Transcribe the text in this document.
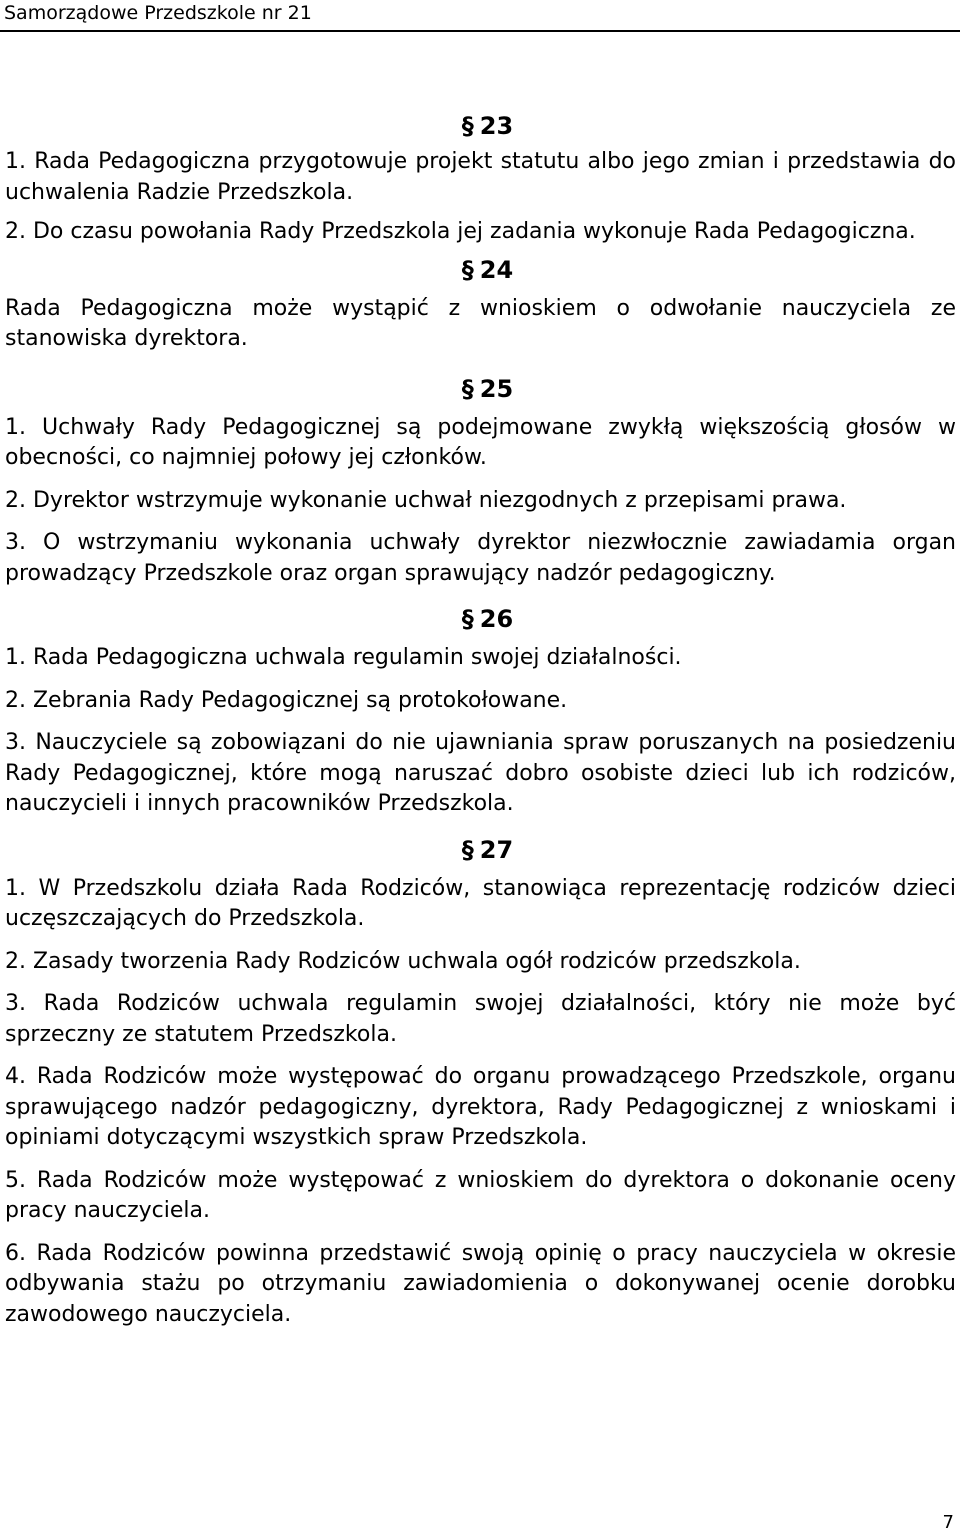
Samorządowe Przedszkole nr 21
§ 23

1. Rada Pedagogiczna przygotowuje projekt statutu albo jego zmian i przedstawia do uchwalenia Radzie Przedszkola.

2. Do czasu powołania Rady Przedszkola jej zadania wykonuje Rada Pedagogiczna.

§ 24

Rada Pedagogiczna może wystąpić z wnioskiem o odwołanie nauczyciela ze stanowiska dyrektora.

§ 25

1. Uchwały Rady Pedagogicznej są podejmowane zwykłą większością głosów w obecności, co najmniej połowy jej członków.

2. Dyrektor wstrzymuje wykonanie uchwał niezgodnych z przepisami prawa.

3. O wstrzymaniu wykonania uchwały dyrektor niezwłocznie zawiadamia organ prowadzący Przedszkole oraz organ sprawujący nadzór pedagogiczny.

§ 26

1. Rada Pedagogiczna uchwala regulamin swojej działalności.

2. Zebrania Rady Pedagogicznej są protokołowane.

3. Nauczyciele są zobowiązani do nie ujawniania spraw poruszanych na posiedzeniu Rady Pedagogicznej, które mogą naruszać dobro osobiste dzieci lub ich rodziców, nauczycieli i innych pracowników Przedszkola.

§ 27

1. W Przedszkolu działa Rada Rodziców, stanowiąca reprezentację rodziców dzieci uczęszczających do Przedszkola.

2. Zasady tworzenia Rady Rodziców uchwala ogół rodziców przedszkola.

3. Rada Rodziców uchwala regulamin swojej działalności, który nie może być sprzeczny ze statutem Przedszkola.

4. Rada Rodziców może występować do organu prowadzącego Przedszkole, organu sprawującego nadzór pedagogiczny, dyrektora, Rady Pedagogicznej z wnioskami i opiniami dotyczącymi wszystkich spraw Przedszkola.

5. Rada Rodziców może występować z wnioskiem do dyrektora o dokonanie oceny pracy nauczyciela.

6. Rada Rodziców powinna przedstawić swoją opinię o pracy nauczyciela w okresie odbywania stażu po otrzymaniu zawiadomienia o dokonywanej ocenie dorobku zawodowego nauczyciela.

7
